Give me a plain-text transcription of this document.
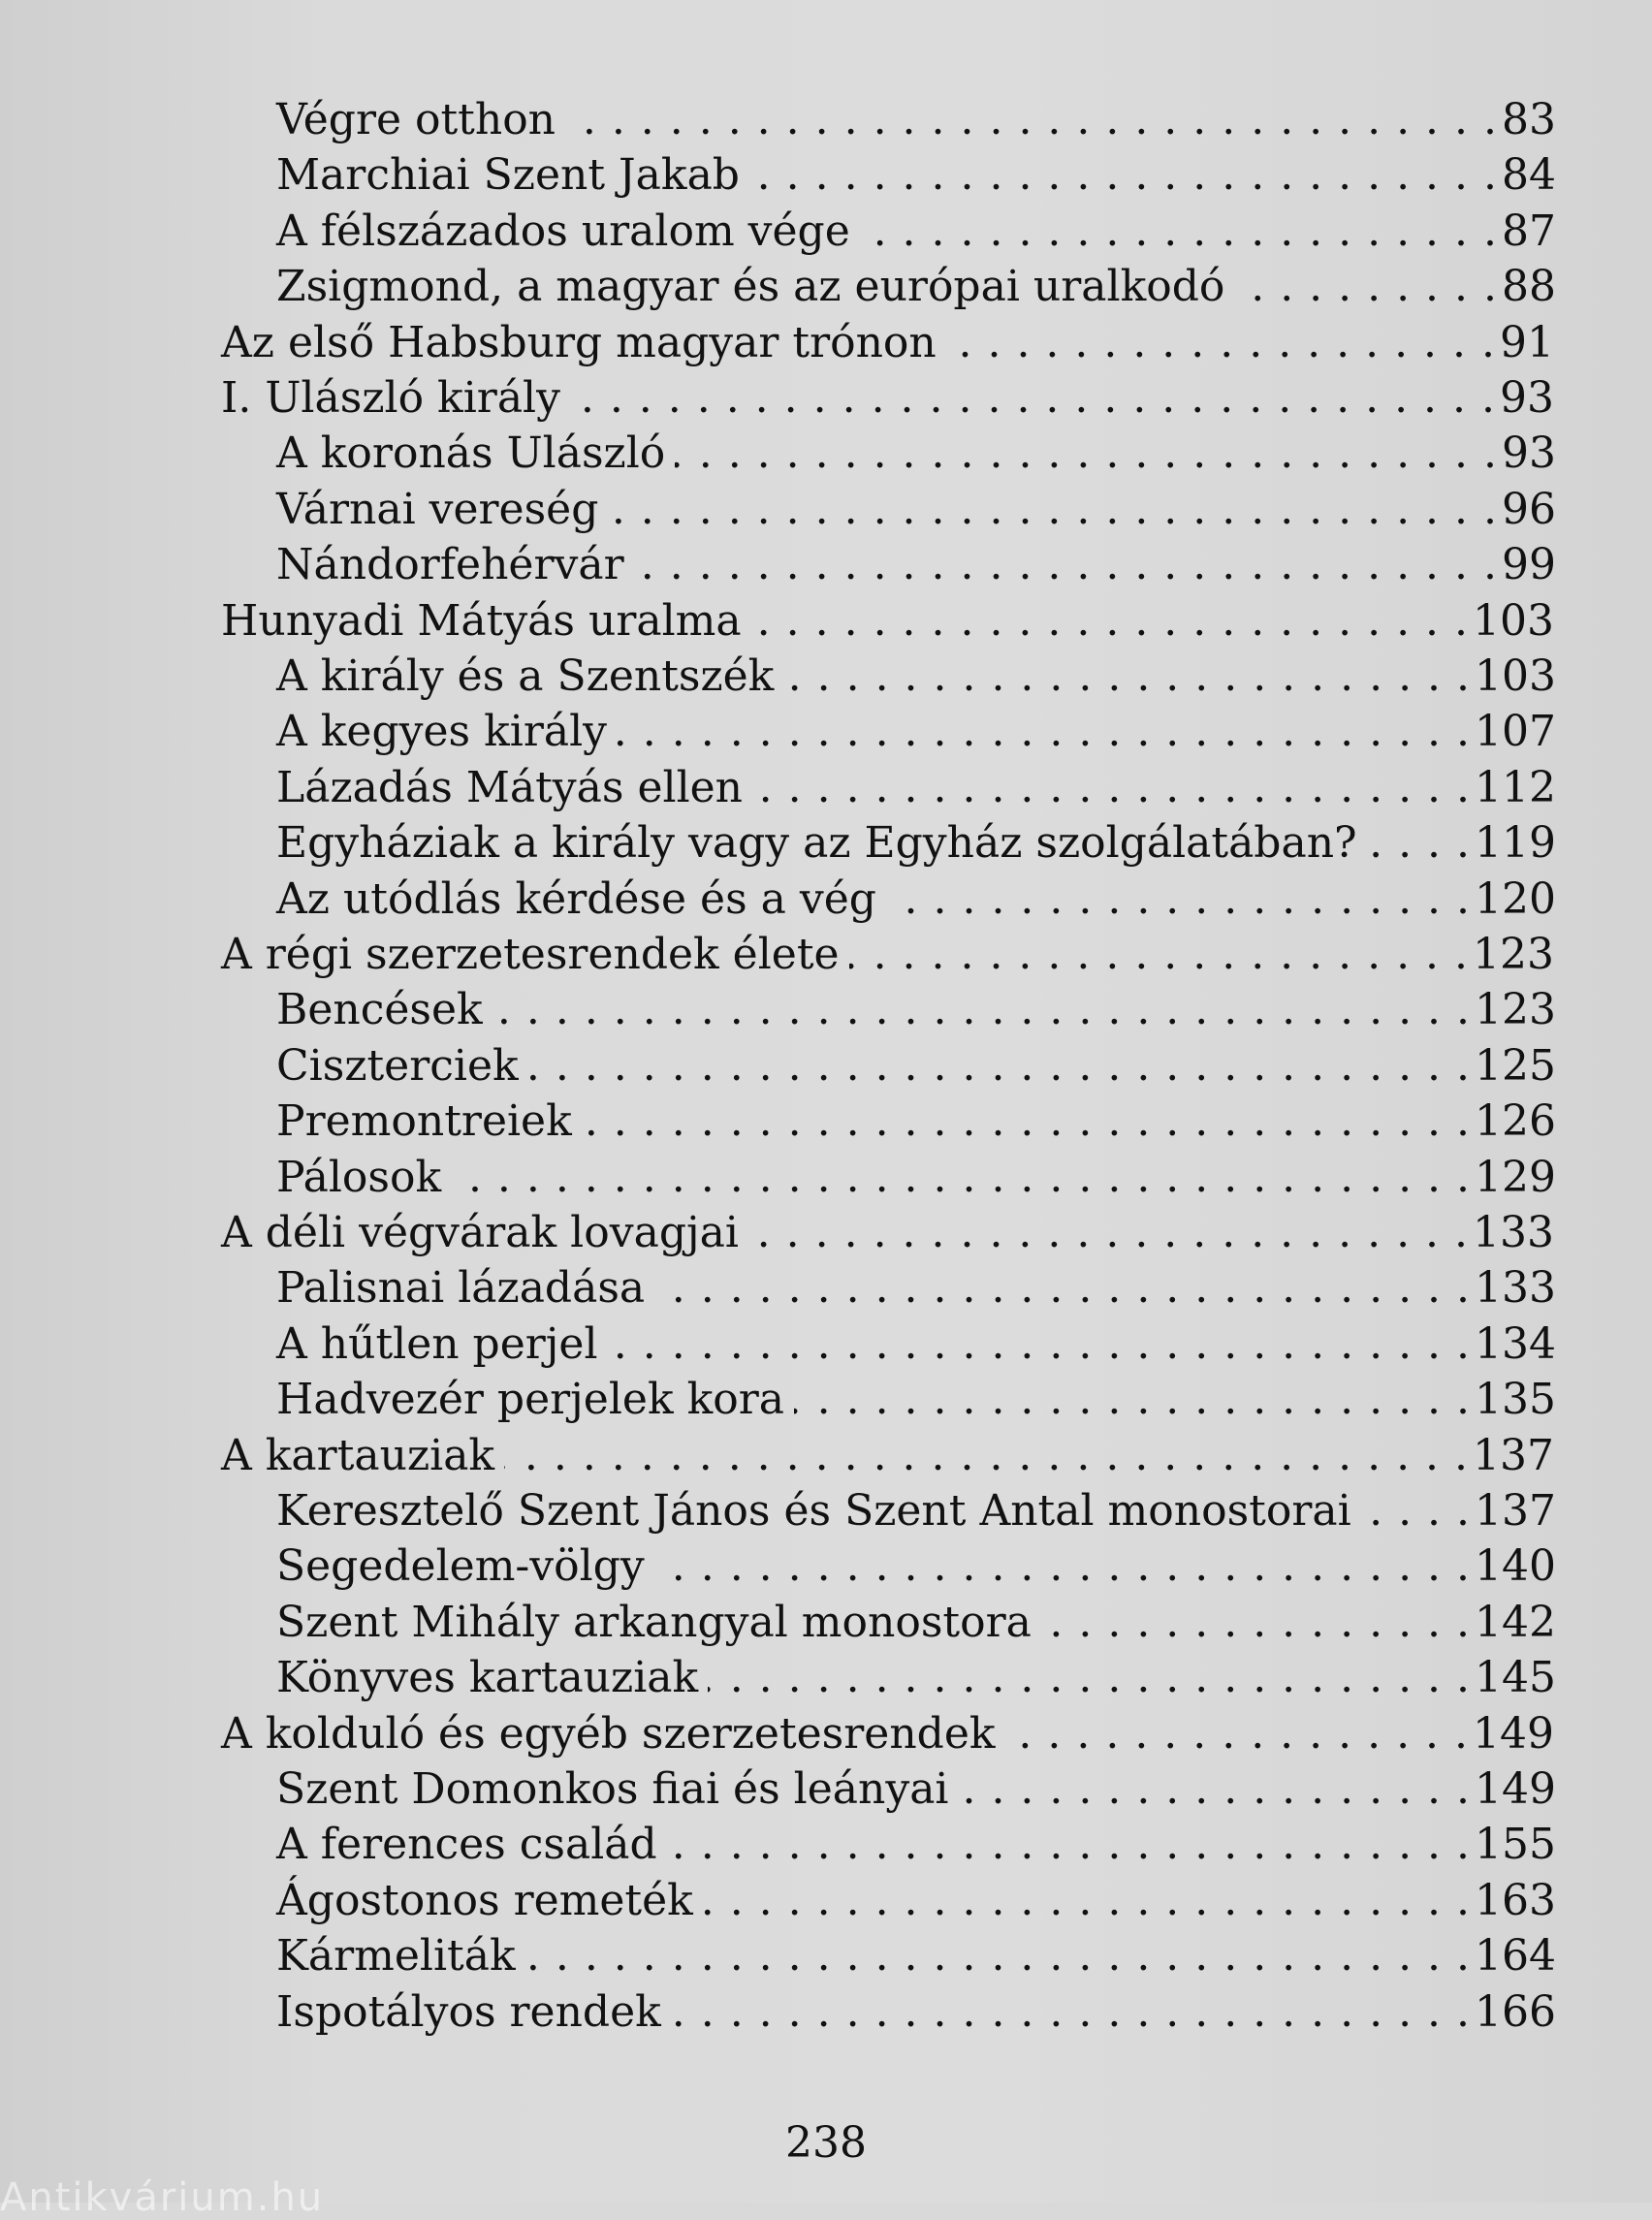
Végre otthon . . .	83
Marchiai Szent Jakab . . .	84
A félszázados uralom vége . . .	87
Zsigmond, a magyar és az európai uralkodó . . .	88
Az első Habsburg magyar trónon . . .	91
I. Ulászló király . . .	93
A koronás Ulászló . . .	93
Várnai vereség . . .	96
Nándorfehérvár . . .	99
Hunyadi Mátyás uralma . . .	103
A király és a Szentszék . . .	103
A kegyes király . . .	107
Lázadás Mátyás ellen . . .	112
Egyháziak a király vagy az Egyház szolgálatában? . . .	119
Az utódlás kérdése és a vég . . .	120
A régi szerzetesrendek élete . . .	123
Bencések . . .	123
Ciszterciek . . .	125
Premontreiek . . .	126
Pálosok . . .	129
A déli végvárak lovagjai . . .	133
Palisnai lázadása . . .	133
A hűtlen perjel . . .	134
Hadvezér perjelek kora . . .	135
A kartauziak . . .	137
Keresztelő Szent János és Szent Antal monostorai . . .	137
Segedelem-völgy . . .	140
Szent Mihály arkangyal monostora . . .	142
Könyves kartauziak . . .	145
A kolduló és egyéb szerzetesrendek . . .	149
Szent Domonkos fiai és leányai . . .	149
A ferences család . . .	155
Ágostonos remeték . . .	163
Kármeliták . . .	164
Ispotályos rendek . . .	166
238
Antikvárium.hu
